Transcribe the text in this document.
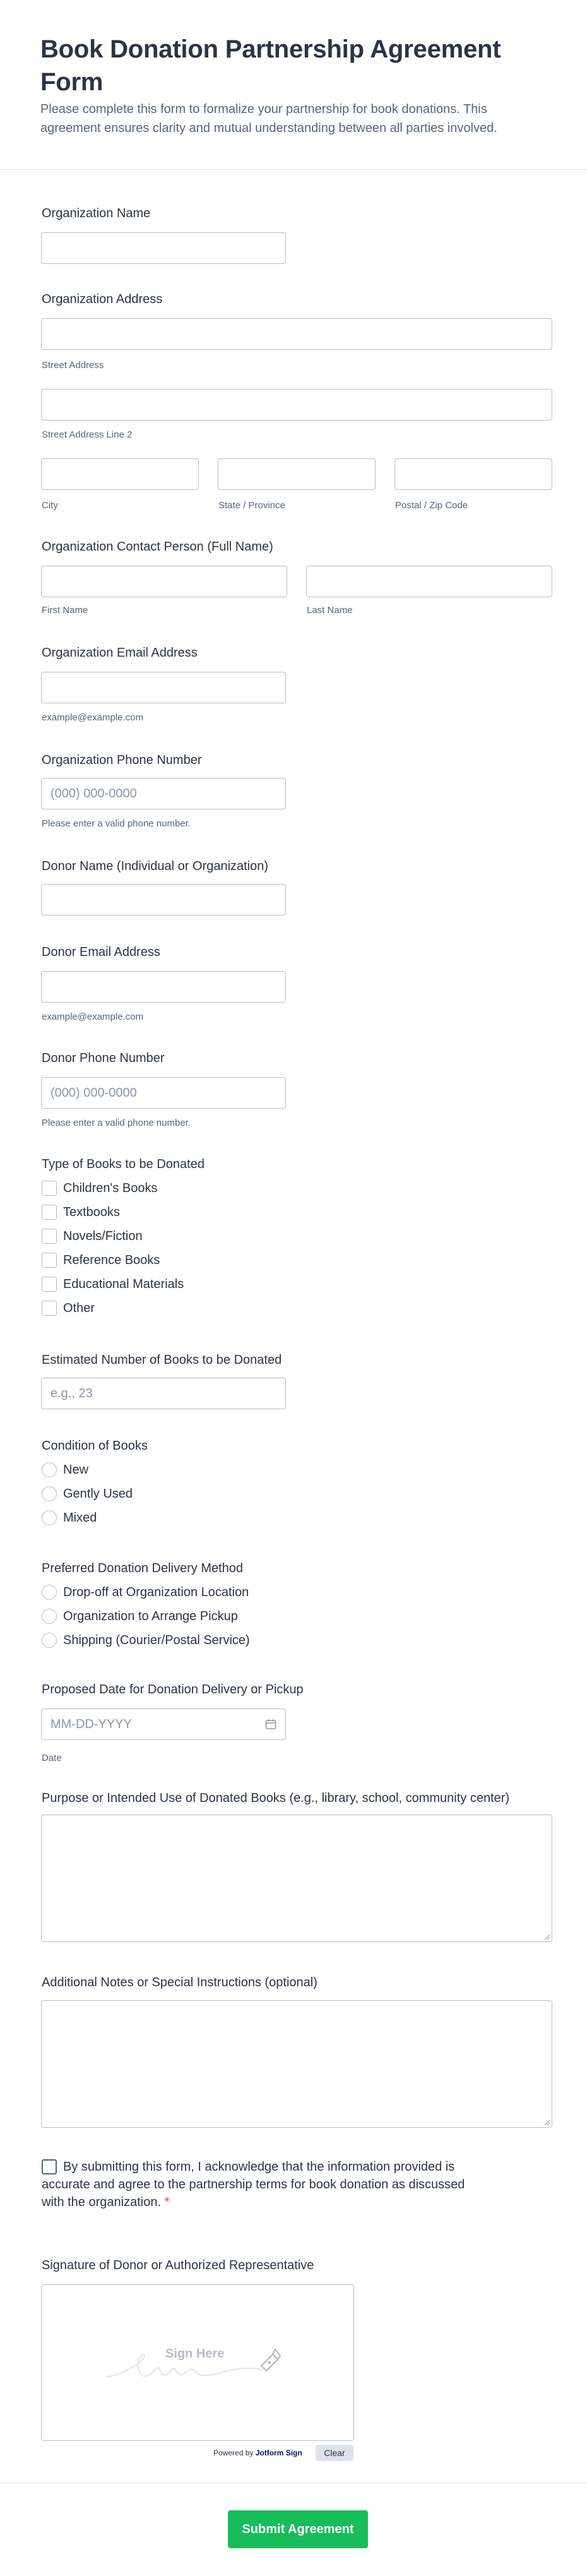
Book Donation Partnership Agreement Form

Please complete this form to formalize your partnership for book donations. This agreement ensures clarity and mutual understanding between all parties involved.

Organization Name
Organization Address
Street Address
Street Address Line 2
City	State / Province	Postal / Zip Code
Organization Contact Person (Full Name)
First Name	Last Name
Organization Email Address
example@example.com
Organization Phone Number
(000) 000-0000
Please enter a valid phone number.
Donor Name (Individual or Organization)
Donor Email Address
example@example.com
Donor Phone Number
(000) 000-0000
Please enter a valid phone number.
Type of Books to be Donated
Children's Books
Textbooks
Novels/Fiction
Reference Books
Educational Materials
Other
Estimated Number of Books to be Donated
e.g., 23
Condition of Books
New
Gently Used
Mixed
Preferred Donation Delivery Method
Drop-off at Organization Location
Organization to Arrange Pickup
Shipping (Courier/Postal Service)
Proposed Date for Donation Delivery or Pickup
MM-DD-YYYY
Date
Purpose or Intended Use of Donated Books (e.g., library, school, community center)
Additional Notes or Special Instructions (optional)
By submitting this form, I acknowledge that the information provided is
accurate and agree to the partnership terms for book donation as discussed
with the organization. *
Signature of Donor or Authorized Representative
Sign Here
Powered by Jotform Sign	Clear
Submit Agreement
